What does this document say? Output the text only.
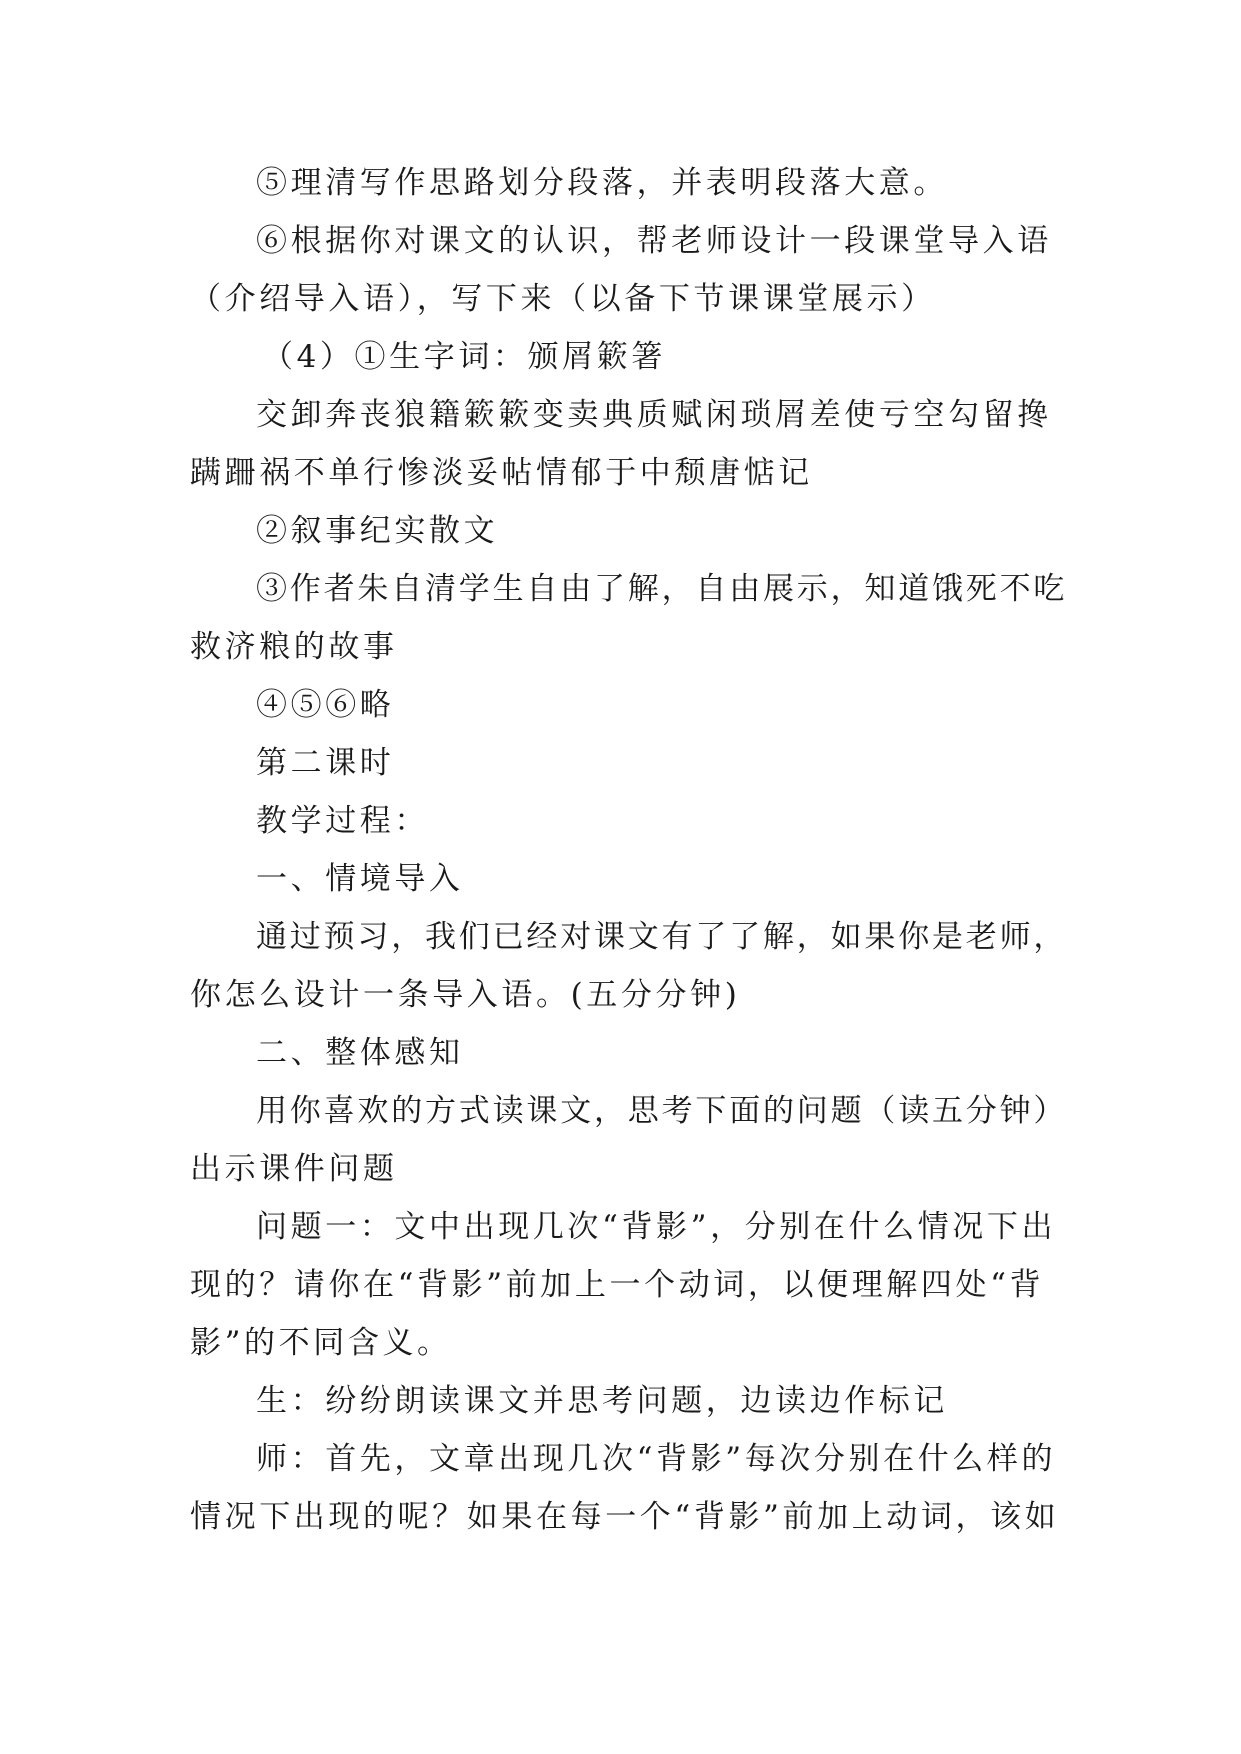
⑤理清写作思路划分段落，并表明段落大意。
⑥根据你对课文的认识，帮老师设计一段课堂导入语
（介绍导入语），写下来（以备下节课课堂展示）
（4）①生字词：颁屑簌箸
交卸奔丧狼籍簌簌变卖典质赋闲琐屑差使亏空勾留搀
蹒跚祸不单行惨淡妥帖情郁于中颓唐惦记
②叙事纪实散文
③作者朱自清学生自由了解，自由展示，知道饿死不吃
救济粮的故事
④⑤⑥略
第二课时
教学过程：
一、情境导入
通过预习，我们已经对课文有了了解，如果你是老师，
你怎么设计一条导入语。(五分分钟)
二、整体感知
用你喜欢的方式读课文，思考下面的问题（读五分钟）
出示课件问题
问题一：文中出现几次“背影”，分别在什么情况下出
现的？请你在“背影”前加上一个动词，以便理解四处“背
影”的不同含义。
生：纷纷朗读课文并思考问题，边读边作标记
师：首先，文章出现几次“背影”每次分别在什么样的
情况下出现的呢？如果在每一个“背影”前加上动词，该如
